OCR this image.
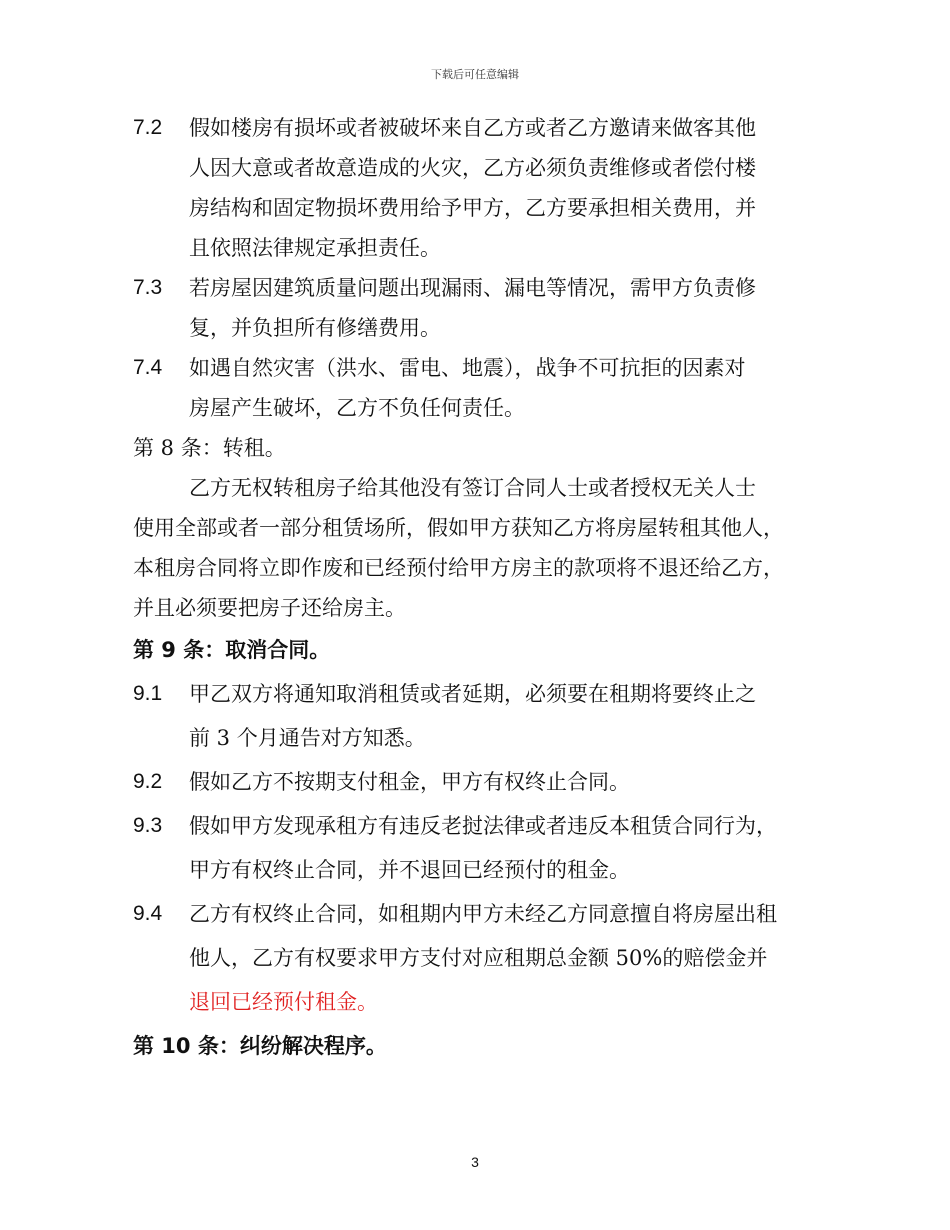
下载后可任意编辑
7.2 假如楼房有损坏或者被破坏来自乙方或者乙方邀请来做客其他
人因大意或者故意造成的火灾，乙方必须负责维修或者偿付楼
房结构和固定物损坏费用给予甲方，乙方要承担相关费用，并
且依照法律规定承担责任。
7.3 若房屋因建筑质量问题出现漏雨、漏电等情况，需甲方负责修
复，并负担所有修缮费用。
7.4 如遇自然灾害（洪水、雷电、地震），战争不可抗拒的因素对
房屋产生破坏，乙方不负任何责任。
第 8 条：转租。
乙方无权转租房子给其他没有签订合同人士或者授权无关人士
使用全部或者一部分租赁场所，假如甲方获知乙方将房屋转租其他人，
本租房合同将立即作废和已经预付给甲方房主的款项将不退还给乙方，
并且必须要把房子还给房主。
第 9 条：取消合同。
9.1 甲乙双方将通知取消租赁或者延期，必须要在租期将要终止之
前 3 个月通告对方知悉。
9.2 假如乙方不按期支付租金，甲方有权终止合同。
9.3 假如甲方发现承租方有违反老挝法律或者违反本租赁合同行为，
甲方有权终止合同，并不退回已经预付的租金。
9.4 乙方有权终止合同，如租期内甲方未经乙方同意擅自将房屋出租
他人，乙方有权要求甲方支付对应租期总金额 50%的赔偿金并
退回已经预付租金。
第 10 条：纠纷解决程序。
3
